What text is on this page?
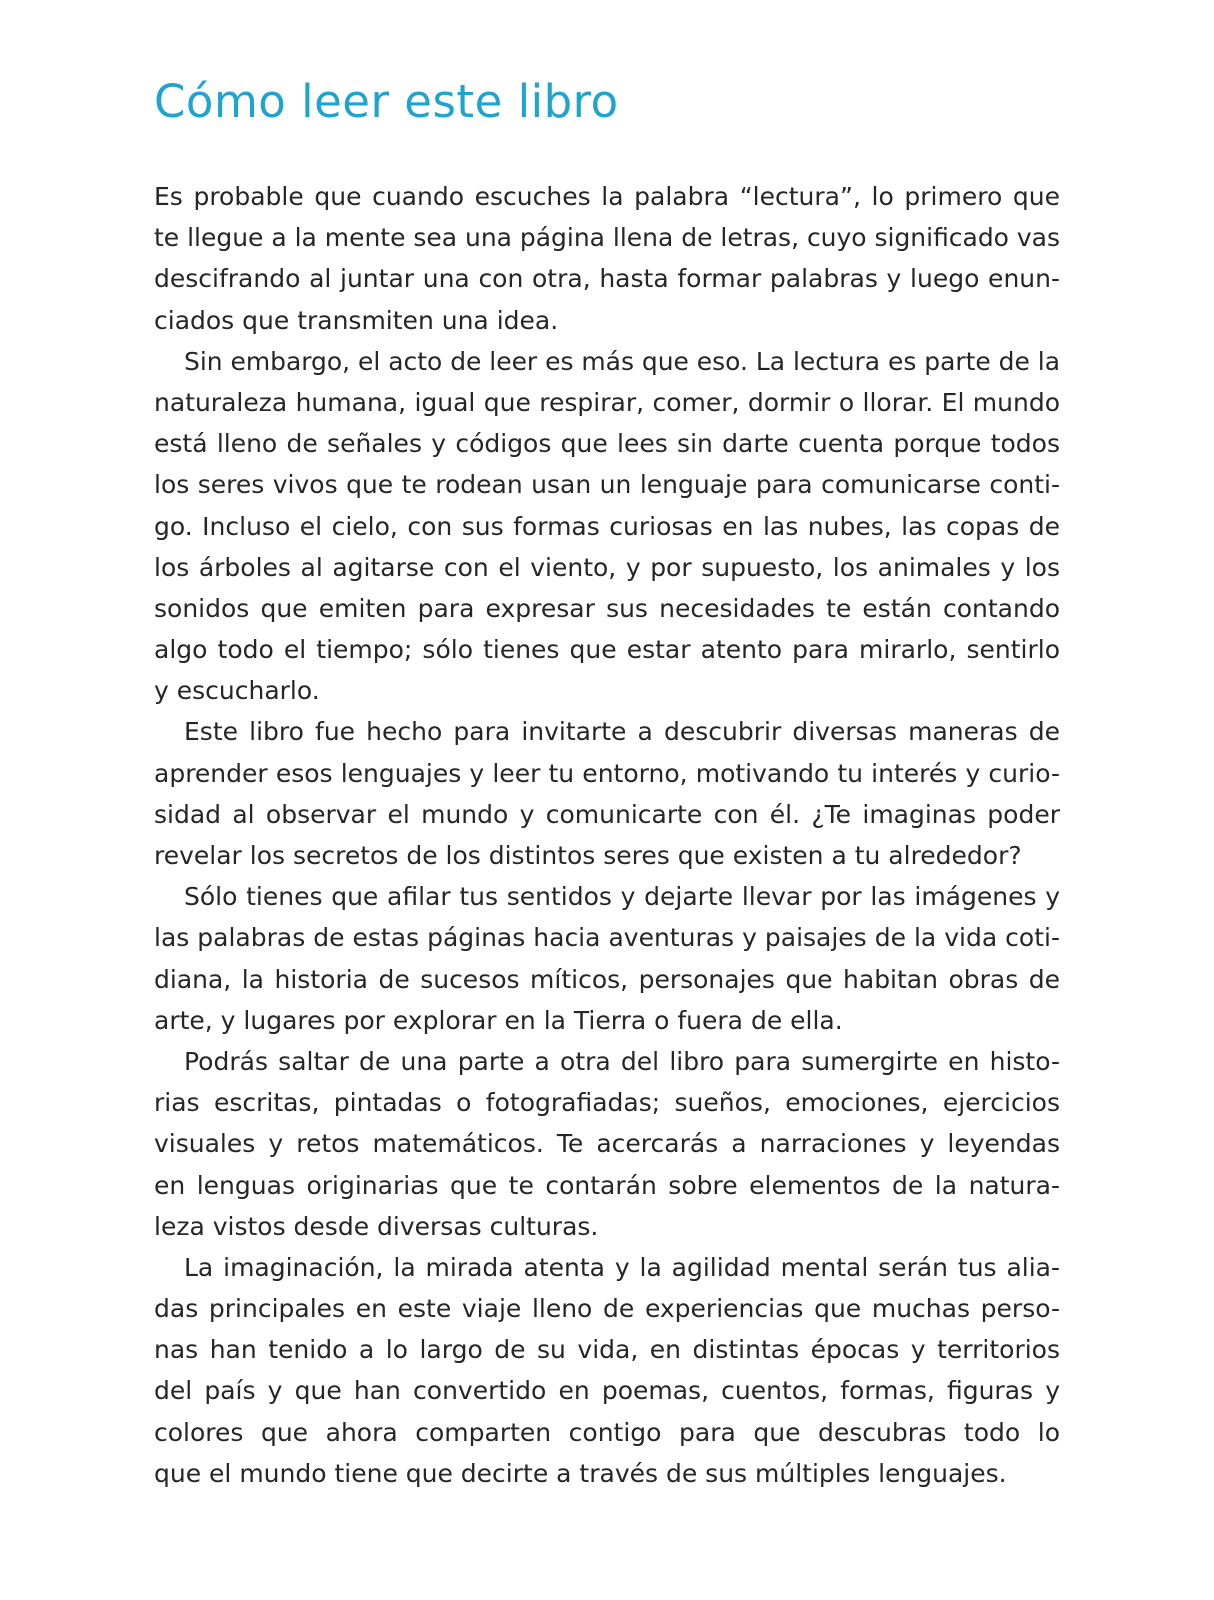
Cómo leer este libro
Es probable que cuando escuches la palabra “lectura”, lo primero que
te llegue a la mente sea una página llena de letras, cuyo significado vas
descifrando al juntar una con otra, hasta formar palabras y luego enun-
ciados que transmiten una idea.
Sin embargo, el acto de leer es más que eso. La lectura es parte de la
naturaleza humana, igual que respirar, comer, dormir o llorar. El mundo
está lleno de señales y códigos que lees sin darte cuenta porque todos
los seres vivos que te rodean usan un lenguaje para comunicarse conti-
go. Incluso el cielo, con sus formas curiosas en las nubes, las copas de
los árboles al agitarse con el viento, y por supuesto, los animales y los
sonidos que emiten para expresar sus necesidades te están contando
algo todo el tiempo; sólo tienes que estar atento para mirarlo, sentirlo
y escucharlo.
Este libro fue hecho para invitarte a descubrir diversas maneras de
aprender esos lenguajes y leer tu entorno, motivando tu interés y curio-
sidad al observar el mundo y comunicarte con él. ¿Te imaginas poder
revelar los secretos de los distintos seres que existen a tu alrededor?
Sólo tienes que afilar tus sentidos y dejarte llevar por las imágenes y
las palabras de estas páginas hacia aventuras y paisajes de la vida coti-
diana, la historia de sucesos míticos, personajes que habitan obras de
arte, y lugares por explorar en la Tierra o fuera de ella.
Podrás saltar de una parte a otra del libro para sumergirte en histo-
rias escritas, pintadas o fotografiadas; sueños, emociones, ejercicios
visuales y retos matemáticos. Te acercarás a narraciones y leyendas
en lenguas originarias que te contarán sobre elementos de la natura-
leza vistos desde diversas culturas.
La imaginación, la mirada atenta y la agilidad mental serán tus alia-
das principales en este viaje lleno de experiencias que muchas perso-
nas han tenido a lo largo de su vida, en distintas épocas y territorios
del país y que han convertido en poemas, cuentos, formas, figuras y
colores que ahora comparten contigo para que descubras todo lo
que el mundo tiene que decirte a través de sus múltiples lenguajes.
